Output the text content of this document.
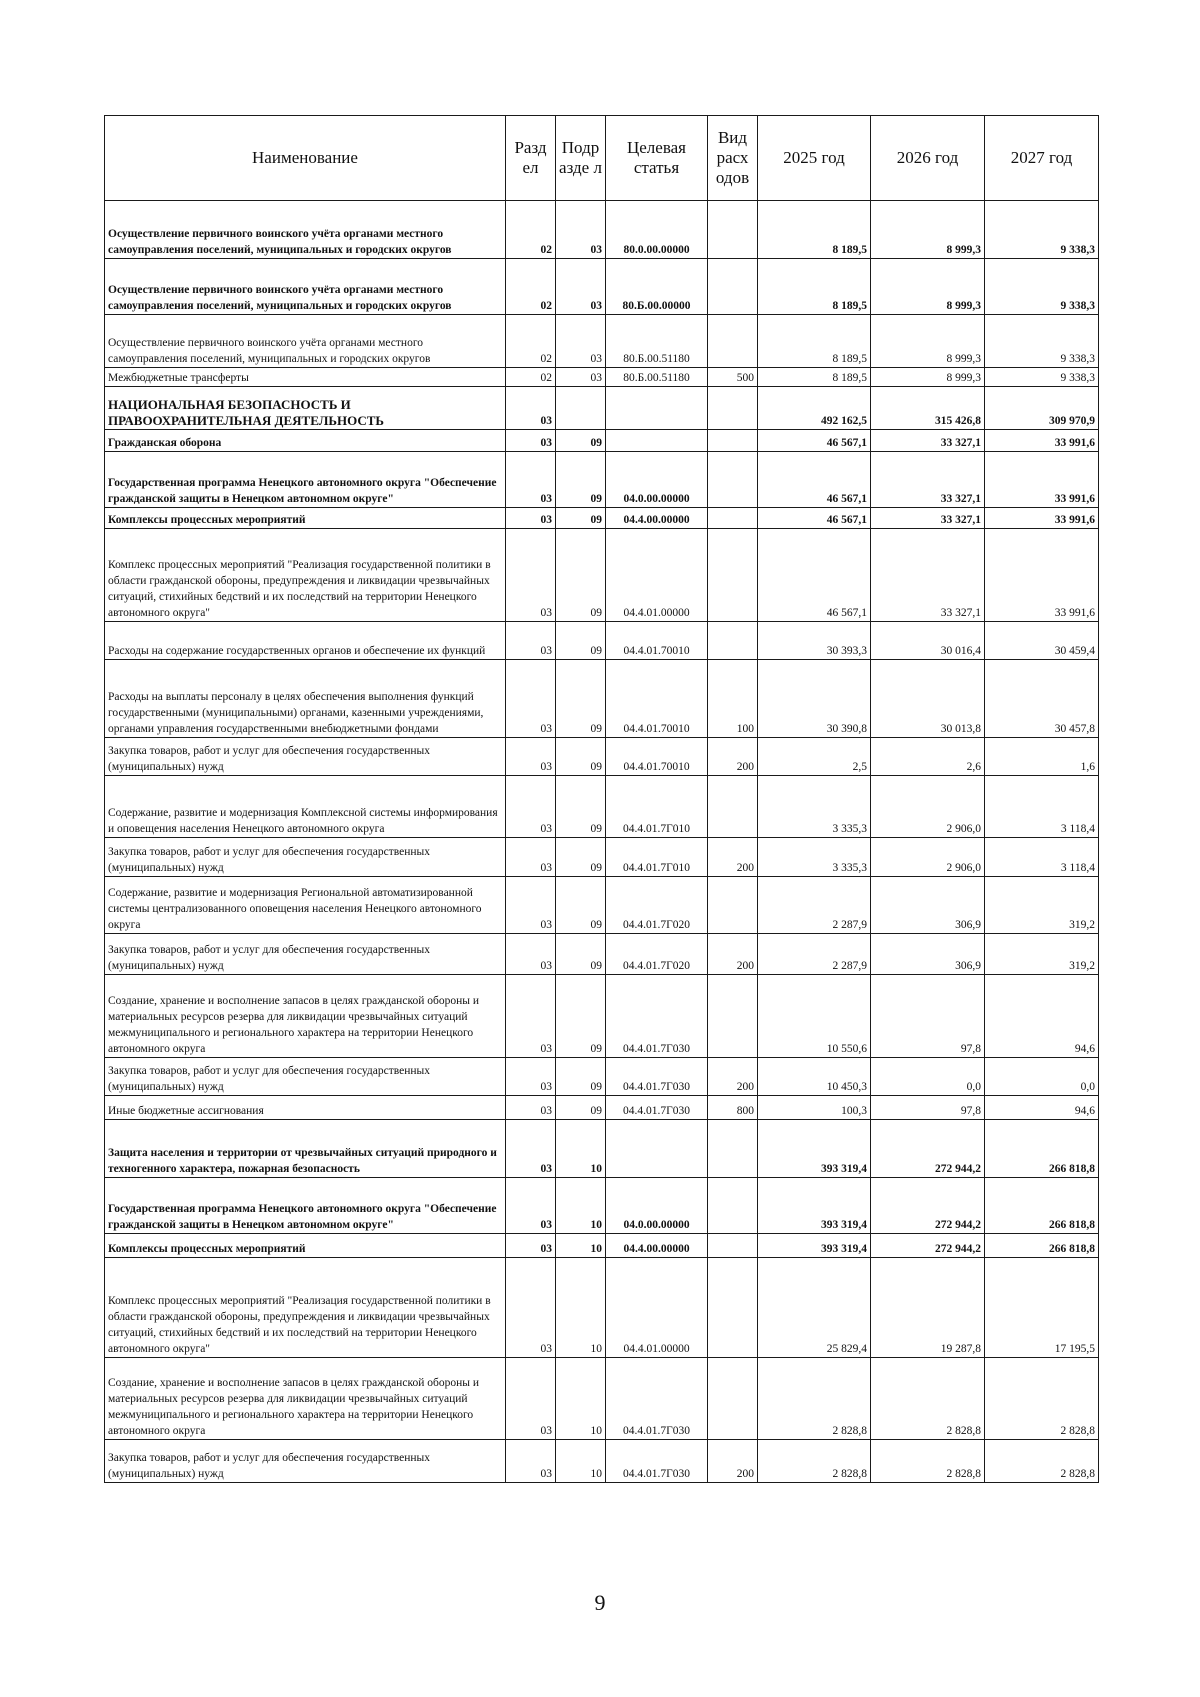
Наименование	Разд ел	Подр азде л	Целевая статья	Вид расх одов	2025 год	2026 год	2027 год
Осуществление первичного воинского учёта органами местного самоуправления поселений, муниципальных и городских округов	02	03	80.0.00.00000		8 189,5	8 999,3	9 338,3
Осуществление первичного воинского учёта органами местного самоуправления поселений, муниципальных и городских округов	02	03	80.Б.00.00000		8 189,5	8 999,3	9 338,3
Осуществление первичного воинского учёта органами местного самоуправления поселений, муниципальных и городских округов	02	03	80.Б.00.51180		8 189,5	8 999,3	9 338,3
Межбюджетные трансферты	02	03	80.Б.00.51180	500	8 189,5	8 999,3	9 338,3
НАЦИОНАЛЬНАЯ БЕЗОПАСНОСТЬ И ПРАВООХРАНИТЕЛЬНАЯ ДЕЯТЕЛЬНОСТЬ	03				492 162,5	315 426,8	309 970,9
Гражданская оборона	03	09			46 567,1	33 327,1	33 991,6
Государственная программа Ненецкого автономного округа "Обеспечение гражданской защиты в Ненецком автономном округе"	03	09	04.0.00.00000		46 567,1	33 327,1	33 991,6
Комплексы процессных мероприятий	03	09	04.4.00.00000		46 567,1	33 327,1	33 991,6
Комплекс процессных мероприятий "Реализация государственной политики в области гражданской обороны, предупреждения и ликвидации чрезвычайных ситуаций, стихийных бедствий и их последствий на территории Ненецкого автономного округа"	03	09	04.4.01.00000		46 567,1	33 327,1	33 991,6
Расходы на содержание государственных органов и обеспечение их функций	03	09	04.4.01.70010		30 393,3	30 016,4	30 459,4
Расходы на выплаты персоналу в целях обеспечения выполнения функций государственными (муниципальными) органами, казенными учреждениями, органами управления государственными внебюджетными фондами	03	09	04.4.01.70010	100	30 390,8	30 013,8	30 457,8
Закупка товаров, работ и услуг для обеспечения государственных (муниципальных) нужд	03	09	04.4.01.70010	200	2,5	2,6	1,6
Содержание, развитие и модернизация Комплексной системы информирования и оповещения населения Ненецкого автономного округа	03	09	04.4.01.7Г010		3 335,3	2 906,0	3 118,4
Закупка товаров, работ и услуг для обеспечения государственных (муниципальных) нужд	03	09	04.4.01.7Г010	200	3 335,3	2 906,0	3 118,4
Содержание, развитие и модернизация Региональной автоматизированной системы централизованного оповещения населения Ненецкого автономного округа	03	09	04.4.01.7Г020		2 287,9	306,9	319,2
Закупка товаров, работ и услуг для обеспечения государственных (муниципальных) нужд	03	09	04.4.01.7Г020	200	2 287,9	306,9	319,2
Создание, хранение и восполнение запасов в целях гражданской обороны и материальных ресурсов резерва для ликвидации чрезвычайных ситуаций межмуниципального и регионального характера на территории Ненецкого автономного округа	03	09	04.4.01.7Г030		10 550,6	97,8	94,6
Закупка товаров, работ и услуг для обеспечения государственных (муниципальных) нужд	03	09	04.4.01.7Г030	200	10 450,3	0,0	0,0
Иные бюджетные ассигнования	03	09	04.4.01.7Г030	800	100,3	97,8	94,6
Защита населения и территории от чрезвычайных ситуаций природного и техногенного характера, пожарная безопасность	03	10			393 319,4	272 944,2	266 818,8
Государственная программа Ненецкого автономного округа "Обеспечение гражданской защиты в Ненецком автономном округе"	03	10	04.0.00.00000		393 319,4	272 944,2	266 818,8
Комплексы процессных мероприятий	03	10	04.4.00.00000		393 319,4	272 944,2	266 818,8
Комплекс процессных мероприятий "Реализация государственной политики в области гражданской обороны, предупреждения и ликвидации чрезвычайных ситуаций, стихийных бедствий и их последствий на территории Ненецкого автономного округа"	03	10	04.4.01.00000		25 829,4	19 287,8	17 195,5
Создание, хранение и восполнение запасов в целях гражданской обороны и материальных ресурсов резерва для ликвидации чрезвычайных ситуаций межмуниципального и регионального характера на территории Ненецкого автономного округа	03	10	04.4.01.7Г030		2 828,8	2 828,8	2 828,8
Закупка товаров, работ и услуг для обеспечения государственных (муниципальных) нужд	03	10	04.4.01.7Г030	200	2 828,8	2 828,8	2 828,8
9
